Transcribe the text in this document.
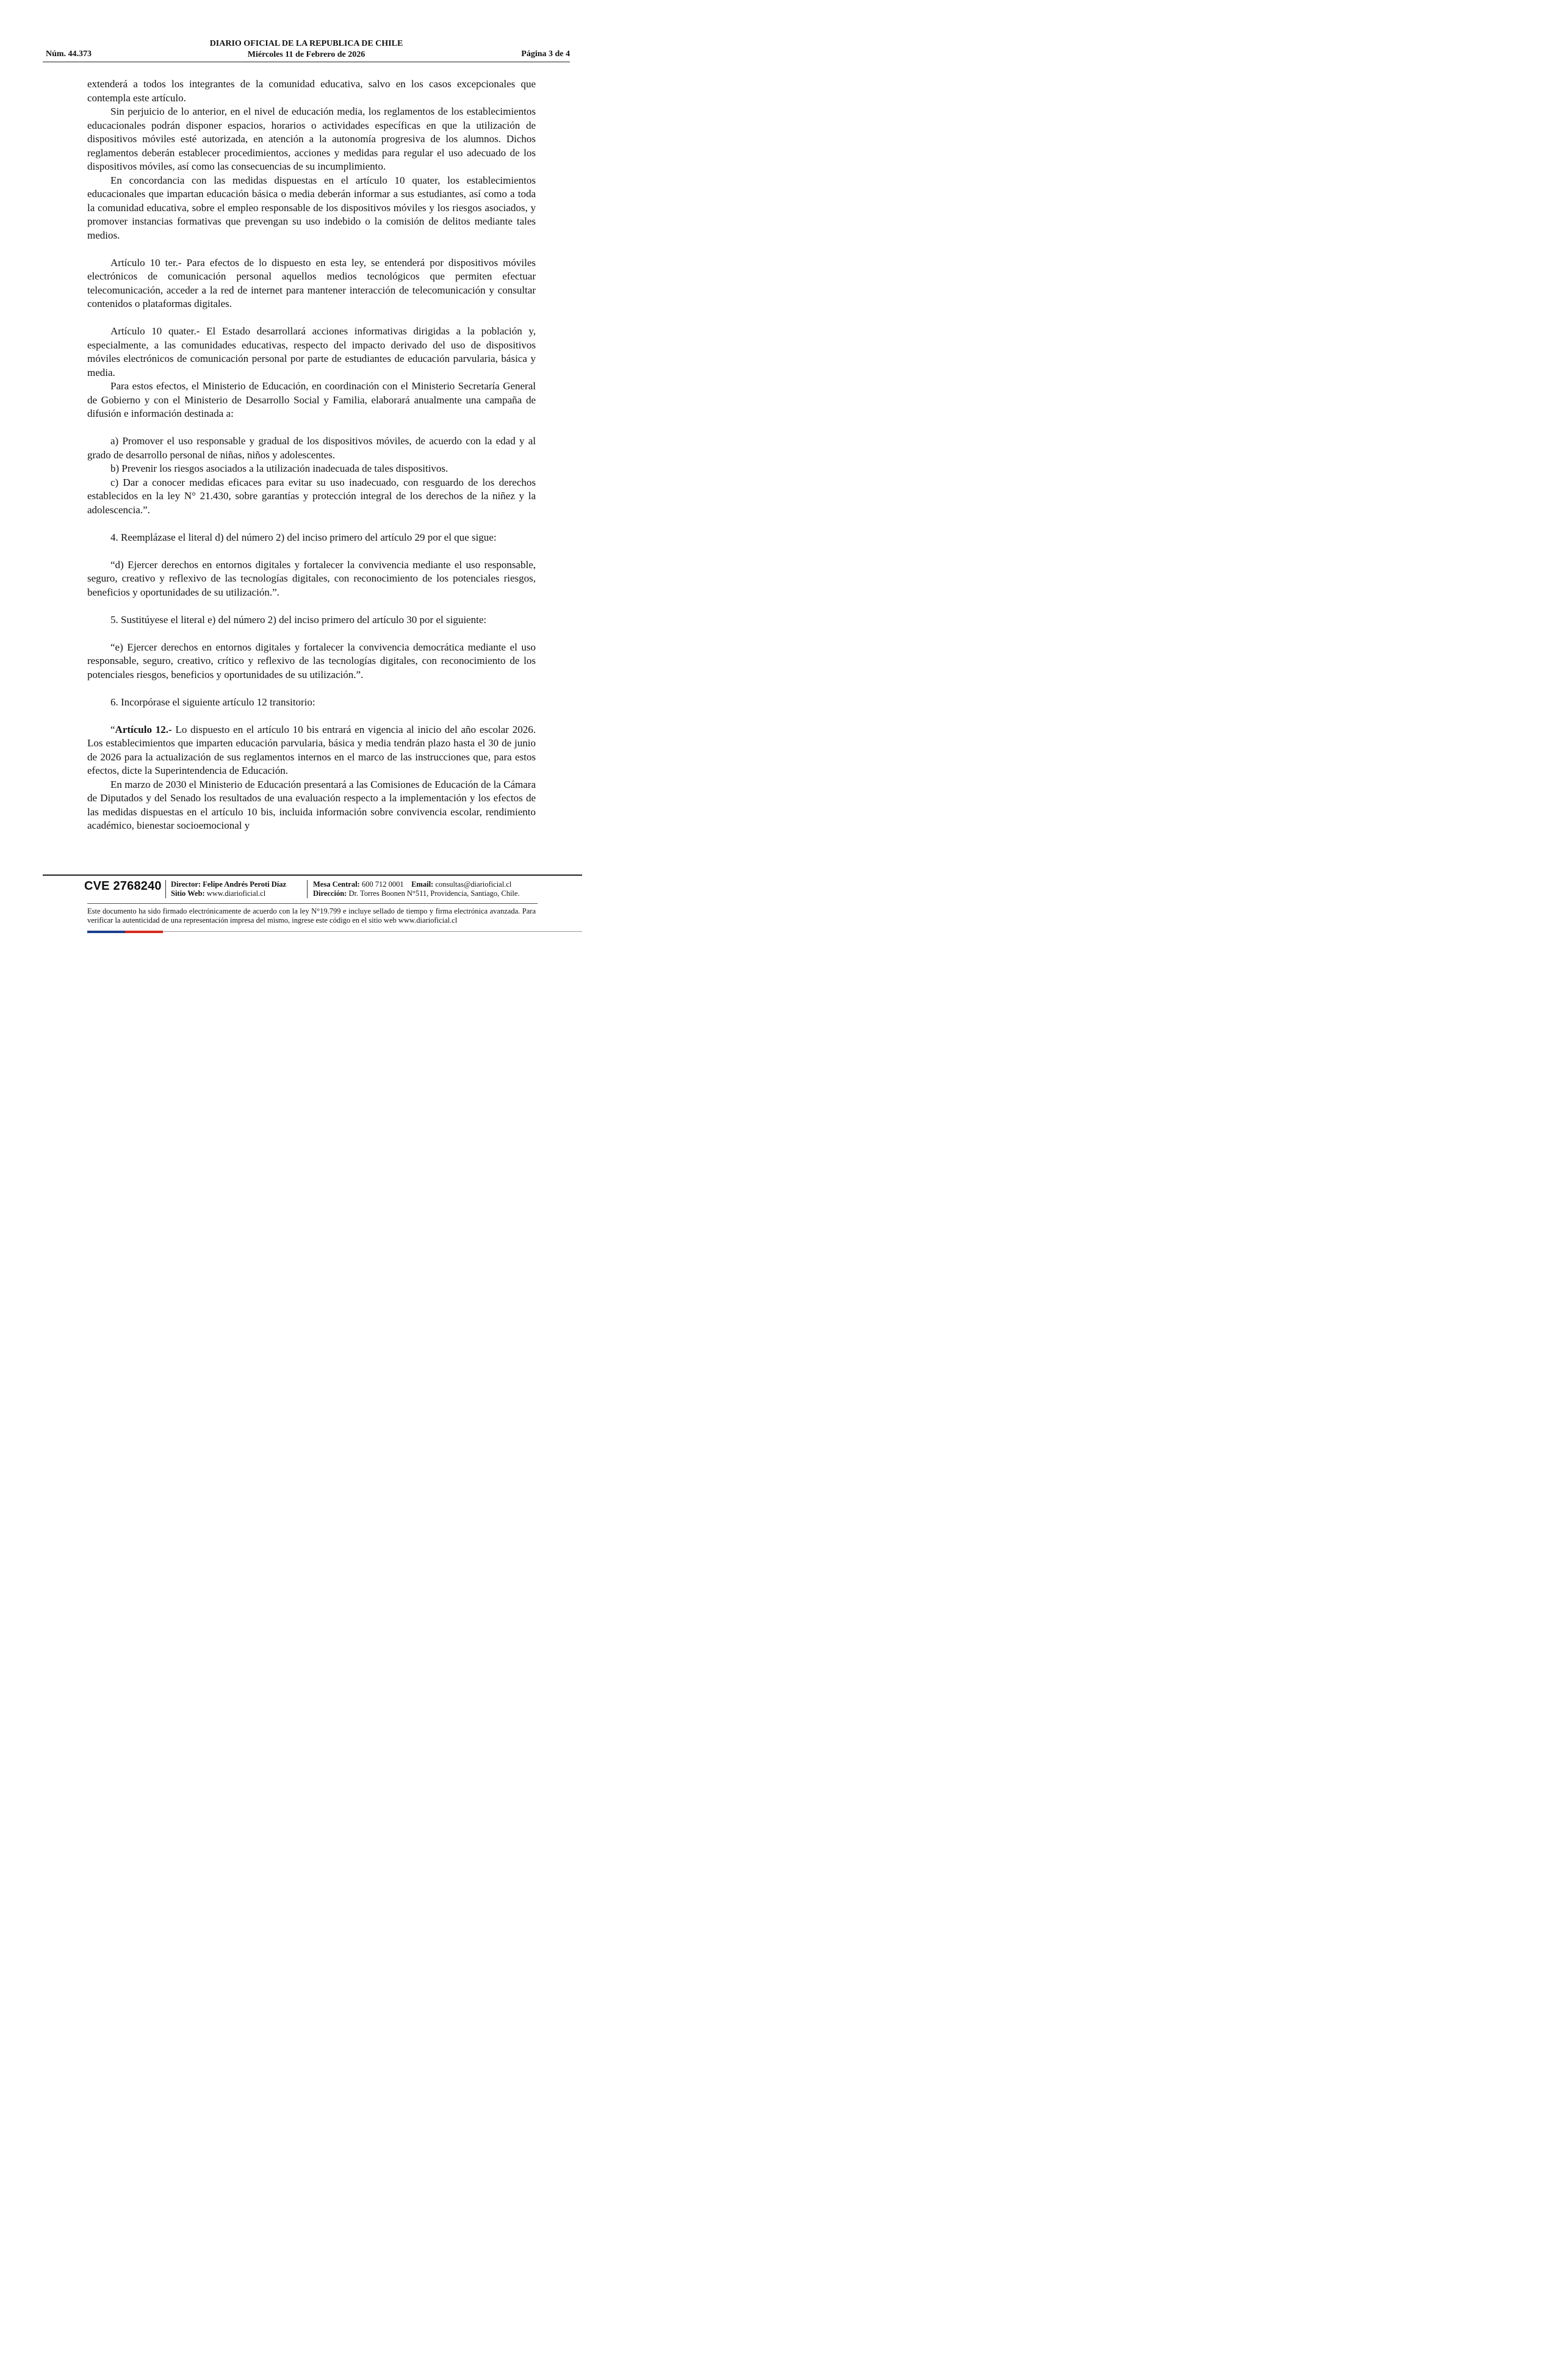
Núm. 44.373
DIARIO OFICIAL DE LA REPUBLICA DE CHILE
Miércoles 11 de Febrero de 2026	Página 3 de 4

extenderá a todos los integrantes de la comunidad educativa, salvo en los casos excepcionales que contempla este artículo.

Sin perjuicio de lo anterior, en el nivel de educación media, los reglamentos de los establecimientos educacionales podrán disponer espacios, horarios o actividades específicas en que la utilización de dispositivos móviles esté autorizada, en atención a la autonomía progresiva de los alumnos. Dichos reglamentos deberán establecer procedimientos, acciones y medidas para regular el uso adecuado de los dispositivos móviles, así como las consecuencias de su incumplimiento.

En concordancia con las medidas dispuestas en el artículo 10 quater, los establecimientos educacionales que impartan educación básica o media deberán informar a sus estudiantes, así como a toda la comunidad educativa, sobre el empleo responsable de los dispositivos móviles y los riesgos asociados, y promover instancias formativas que prevengan su uso indebido o la comisión de delitos mediante tales medios.

Artículo 10 ter.- Para efectos de lo dispuesto en esta ley, se entenderá por dispositivos móviles electrónicos de comunicación personal aquellos medios tecnológicos que permiten efectuar telecomunicación, acceder a la red de internet para mantener interacción de telecomunicación y consultar contenidos o plataformas digitales.

Artículo 10 quater.- El Estado desarrollará acciones informativas dirigidas a la población y, especialmente, a las comunidades educativas, respecto del impacto derivado del uso de dispositivos móviles electrónicos de comunicación personal por parte de estudiantes de educación parvularia, básica y media.

Para estos efectos, el Ministerio de Educación, en coordinación con el Ministerio Secretaría General de Gobierno y con el Ministerio de Desarrollo Social y Familia, elaborará anualmente una campaña de difusión e información destinada a:

a) Promover el uso responsable y gradual de los dispositivos móviles, de acuerdo con la edad y al grado de desarrollo personal de niñas, niños y adolescentes.

b) Prevenir los riesgos asociados a la utilización inadecuada de tales dispositivos.

c) Dar a conocer medidas eficaces para evitar su uso inadecuado, con resguardo de los derechos establecidos en la ley N° 21.430, sobre garantías y protección integral de los derechos de la niñez y la adolescencia.”.

4. Reemplázase el literal d) del número 2) del inciso primero del artículo 29 por el que sigue:

“d) Ejercer derechos en entornos digitales y fortalecer la convivencia mediante el uso responsable, seguro, creativo y reflexivo de las tecnologías digitales, con reconocimiento de los potenciales riesgos, beneficios y oportunidades de su utilización.”.

5. Sustitúyese el literal e) del número 2) del inciso primero del artículo 30 por el siguiente:

“e) Ejercer derechos en entornos digitales y fortalecer la convivencia democrática mediante el uso responsable, seguro, creativo, crítico y reflexivo de las tecnologías digitales, con reconocimiento de los potenciales riesgos, beneficios y oportunidades de su utilización.”.

6. Incorpórase el siguiente artículo 12 transitorio:

“Artículo 12.- Lo dispuesto en el artículo 10 bis entrará en vigencia al inicio del año escolar 2026. Los establecimientos que imparten educación parvularia, básica y media tendrán plazo hasta el 30 de junio de 2026 para la actualización de sus reglamentos internos en el marco de las instrucciones que, para estos efectos, dicte la Superintendencia de Educación.

En marzo de 2030 el Ministerio de Educación presentará a las Comisiones de Educación de la Cámara de Diputados y del Senado los resultados de una evaluación respecto a la implementación y los efectos de las medidas dispuestas en el artículo 10 bis, incluida información sobre convivencia escolar, rendimiento académico, bienestar socioemocional y

CVE 2768240 Director: Felipe Andrés Peroti Díaz
Sitio Web: www.diarioficial.cl
Mesa Central: 600 712 0001 Email: consultas@diarioficial.cl
Dirección: Dr. Torres Boonen N°511, Providencia, Santiago, Chile.
Este documento ha sido firmado electrónicamente de acuerdo con la ley N°19.799 e incluye sellado de tiempo y firma electrónica avanzada. Para verificar la autenticidad de una representación impresa del mismo, ingrese este código en el sitio web www.diarioficial.cl
